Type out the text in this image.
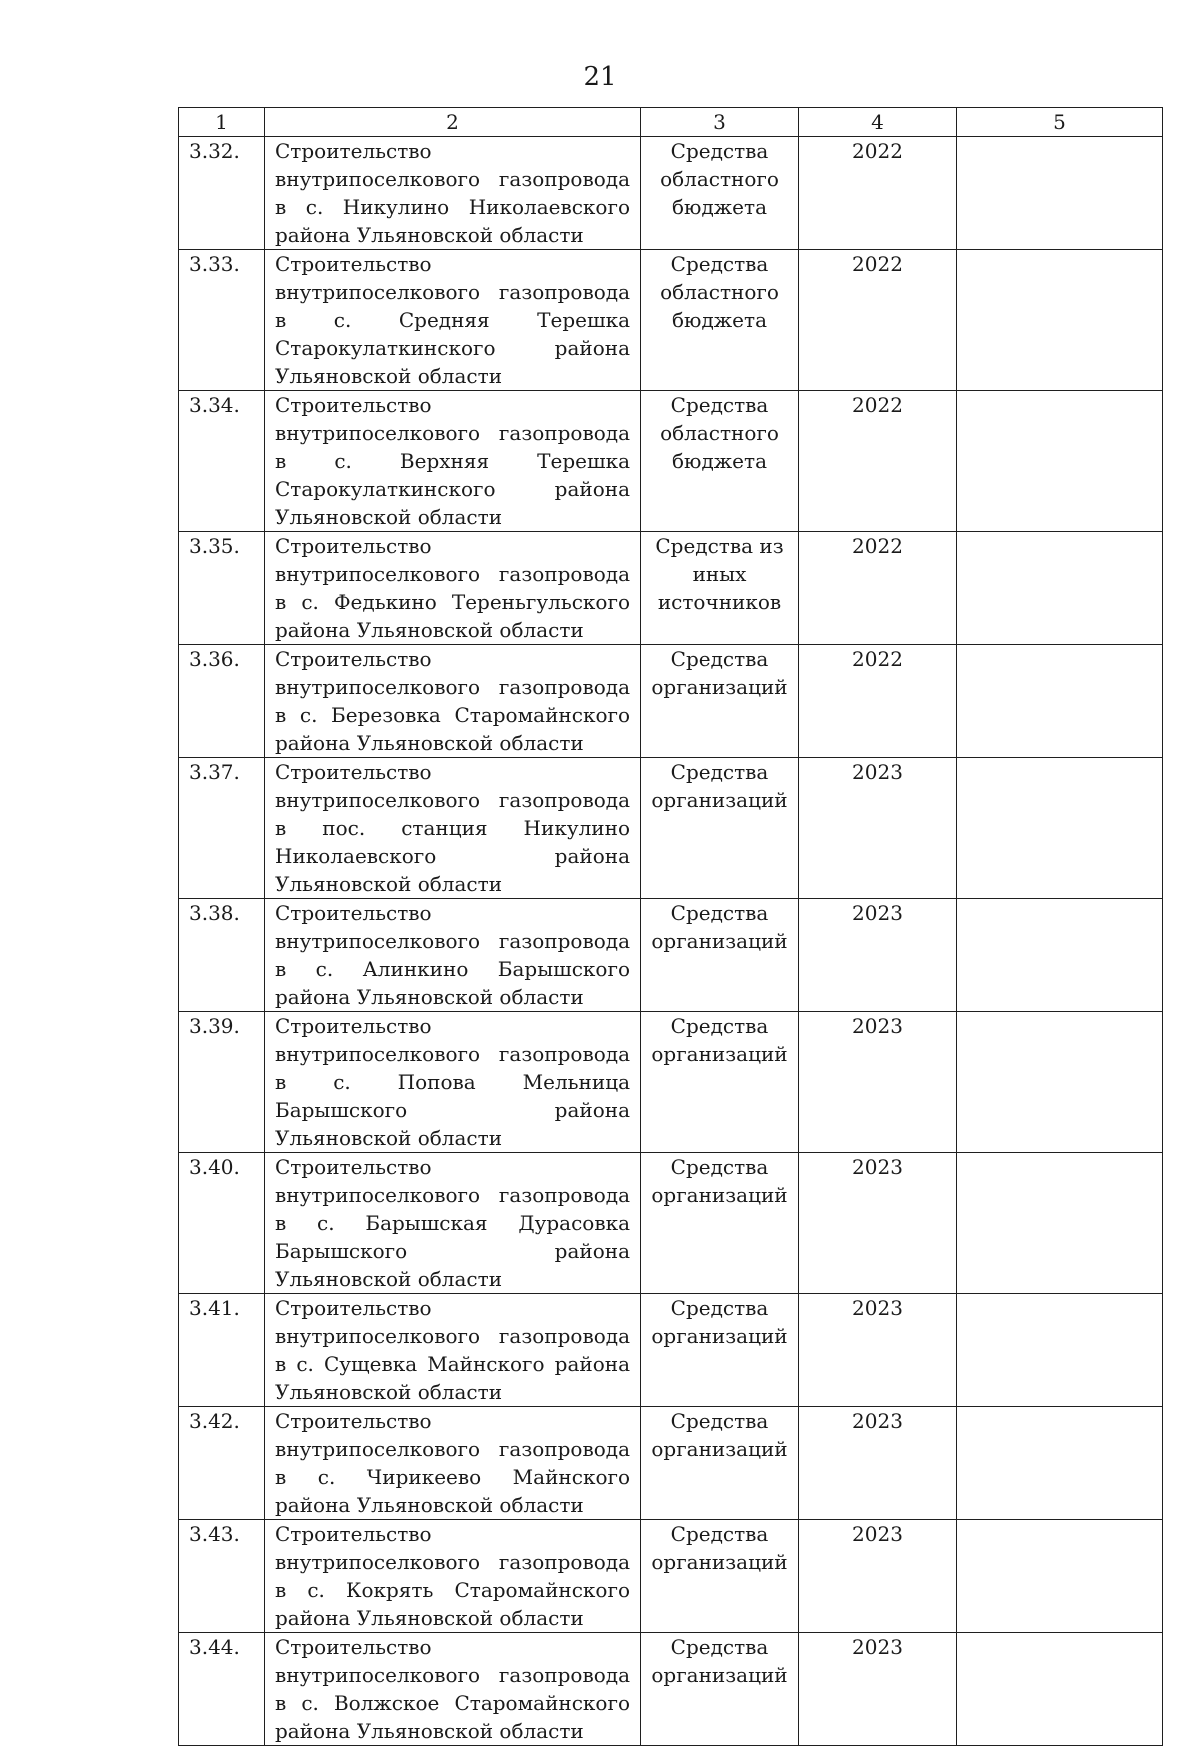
21
1	2	3	4	5
3.32.	Строительство внутрипоселкового газопровода в с. Никулино Николаевского района Ульяновской области	Средства областного бюджета	2022	
3.33.	Строительство внутрипоселкового газопровода в с. Средняя Терешка Старокулаткинского района Ульяновской области	Средства областного бюджета	2022	
3.34.	Строительство внутрипоселкового газопровода в с. Верхняя Терешка Старокулаткинского района Ульяновской области	Средства областного бюджета	2022	
3.35.	Строительство внутрипоселкового газопровода в с. Федькино Тереньгульского района Ульяновской области	Средства из иных источников	2022	
3.36.	Строительство внутрипоселкового газопровода в с. Березовка Старомайнского района Ульяновской области	Средства организаций	2022	
3.37.	Строительство внутрипоселкового газопровода в пос. станция Никулино Николаевского района Ульяновской области	Средства организаций	2023	
3.38.	Строительство внутрипоселкового газопровода в с. Алинкино Барышского района Ульяновской области	Средства организаций	2023	
3.39.	Строительство внутрипоселкового газопровода в с. Попова Мельница Барышского района Ульяновской области	Средства организаций	2023	
3.40.	Строительство внутрипоселкового газопровода в с. Барышская Дурасовка Барышского района Ульяновской области	Средства организаций	2023	
3.41.	Строительство внутрипоселкового газопровода в с. Сущевка Майнского района Ульяновской области	Средства организаций	2023	
3.42.	Строительство внутрипоселкового газопровода в с. Чирикеево Майнского района Ульяновской области	Средства организаций	2023	
3.43.	Строительство внутрипоселкового газопровода в с. Кокрять Старомайнского района Ульяновской области	Средства организаций	2023	
3.44.	Строительство внутрипоселкового газопровода в с. Волжское Старомайнского района Ульяновской области	Средства организаций	2023	
